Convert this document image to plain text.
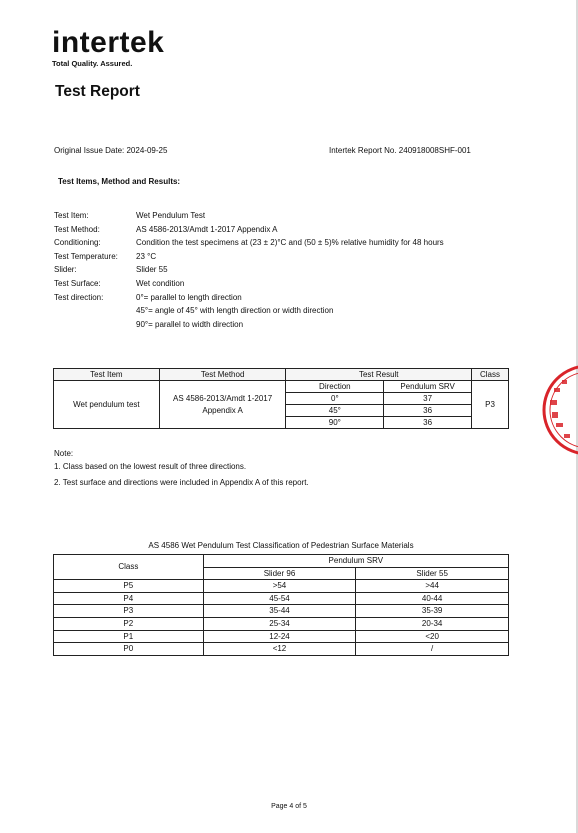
intertek
Total Quality. Assured.
Test Report
Original Issue Date: 2024-09-25	Intertek Report No. 240918008SHF-001
Test Items, Method and Results:
Test Item:	Wet Pendulum Test
Test Method:	AS 4586-2013/Amdt 1-2017 Appendix A
Conditioning:	Condition the test specimens at (23 ± 2)°C and (50 ± 5)% relative humidity for 48 hours
Test Temperature:	23 °C
Slider:	Slider 55
Test Surface:	Wet condition
Test direction:	0°= parallel to length direction
45°= angle of 45° with length direction or width direction
90°= parallel to width direction
Test Item	Test Method	Test Result		Class
Wet pendulum test	AS 4586-2013/Amdt 1-2017 Appendix A	Direction	Pendulum SRV	P3
		0°	37	
		45°	36	
		90°	36	
Note:
1. Class based on the lowest result of three directions.
2. Test surface and directions were included in Appendix A of this report.
AS 4586 Wet Pendulum Test Classification of Pedestrian Surface Materials
Class	Pendulum SRV	
	Slider 96	Slider 55
P5	>54	>44
P4	45-54	40-44
P3	35-44	35-39
P2	25-34	20-34
P1	12-24	<20
P0	<12	/
Page 4 of 5
